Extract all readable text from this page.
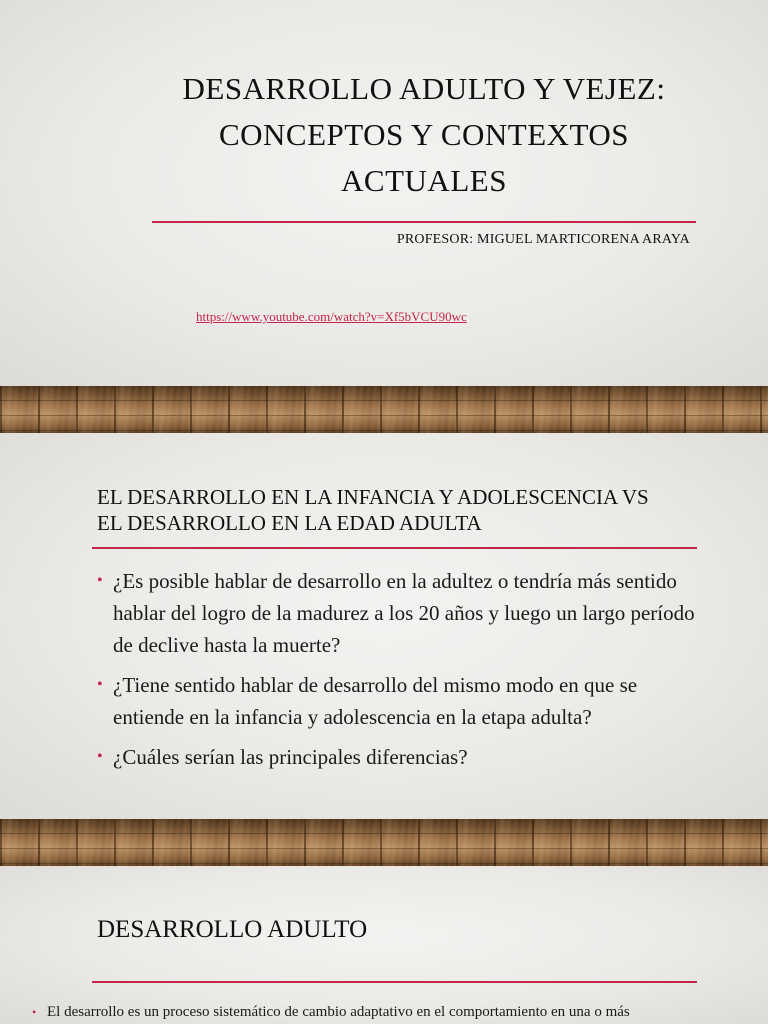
DESARROLLO ADULTO Y VEJEZ:
CONCEPTOS Y CONTEXTOS
ACTUALES
PROFESOR: MIGUEL MARTICORENA ARAYA
https://www.youtube.com/watch?v=Xf5bVCU90wc
EL DESARROLLO EN LA INFANCIA Y ADOLESCENCIA VS
EL DESARROLLO EN LA EDAD ADULTA
• ¿Es posible hablar de desarrollo en la adultez o tendría más sentido hablar del logro de la madurez a los 20 años y luego un largo período de declive hasta la muerte?
• ¿Tiene sentido hablar de desarrollo del mismo modo en que se entiende en la infancia y adolescencia en la etapa adulta?
• ¿Cuáles serían las principales diferencias?
DESARROLLO ADULTO
• El desarrollo es un proceso sistemático de cambio adaptativo en el comportamiento en una o más
